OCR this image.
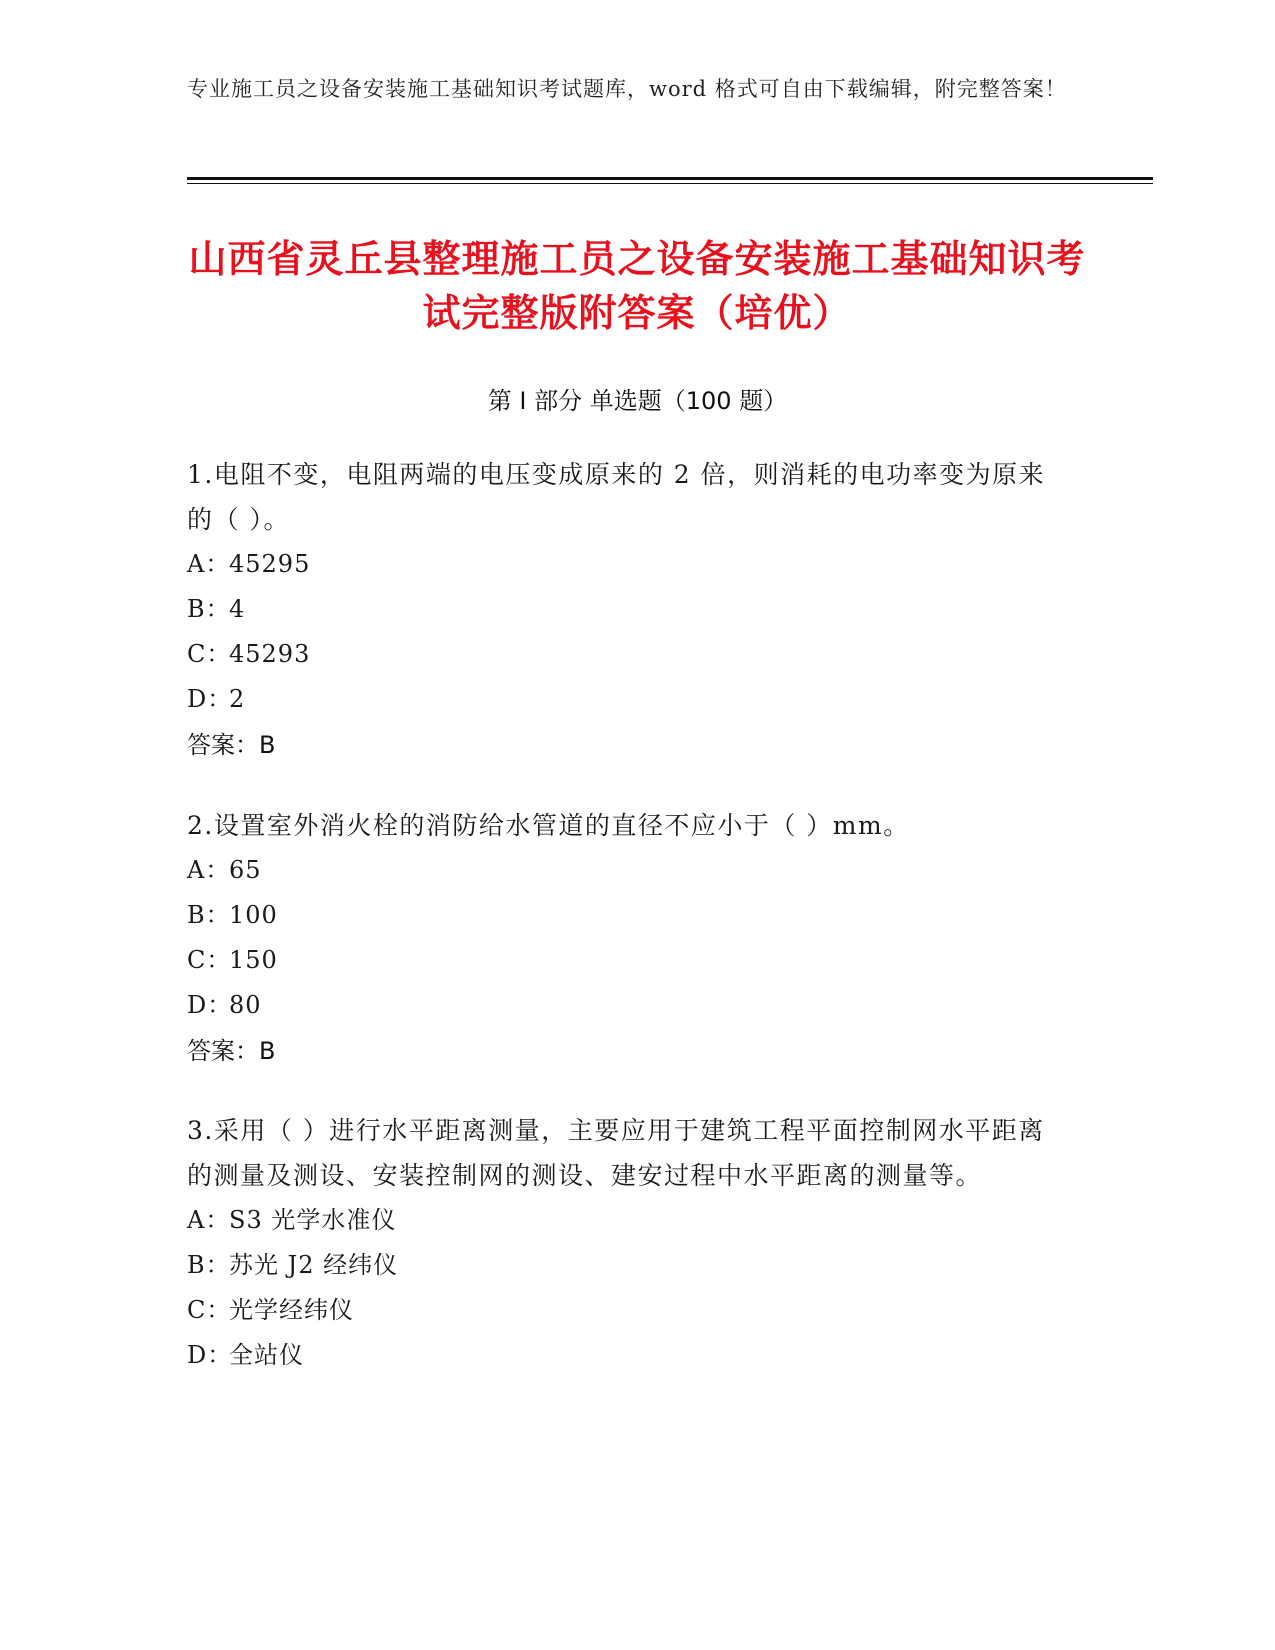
专业施工员之设备安装施工基础知识考试题库，word 格式可自由下载编辑，附完整答案！
山西省灵丘县整理施工员之设备安装施工基础知识考试完整版附答案（培优）
第 I 部分 单选题（100 题）
1.电阻不变，电阻两端的电压变成原来的 2 倍，则消耗的电功率变为原来的（ ）。
A：45295
B：4
C：45293
D：2
答案：B
2.设置室外消火栓的消防给水管道的直径不应小于（ ）mm。
A：65
B：100
C：150
D：80
答案：B
3.采用（ ）进行水平距离测量，主要应用于建筑工程平面控制网水平距离的测量及测设、安装控制网的测设、建安过程中水平距离的测量等。
A：S3 光学水准仪
B：苏光 J2 经纬仪
C：光学经纬仪
D：全站仪
